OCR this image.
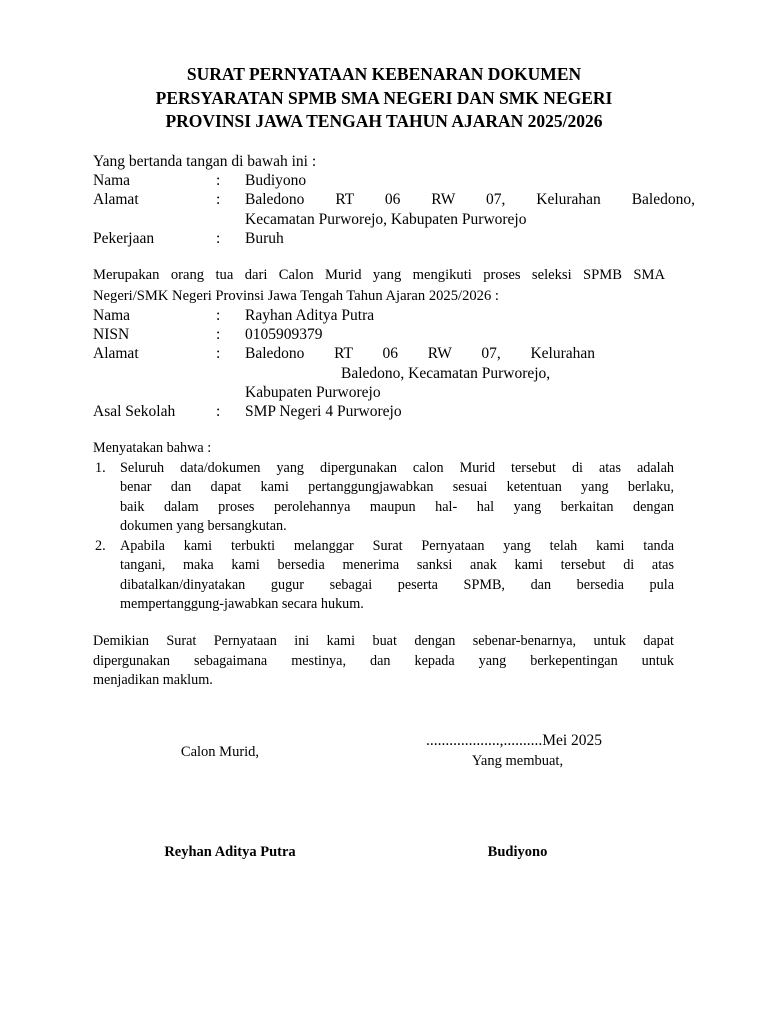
SURAT PERNYATAAN KEBENARAN DOKUMEN
PERSYARATAN SPMB SMA NEGERI DAN SMK NEGERI
PROVINSI JAWA TENGAH TAHUN AJARAN 2025/2026
Yang bertanda tangan di bawah ini :
Nama	: Budiyono
Alamat	: Baledono RT 06 RW 07, Kelurahan Baledono,
Kecamatan Purworejo, Kabupaten Purworejo
Pekerjaan	: Buruh
Merupakan orang tua dari Calon Murid yang mengikuti proses seleksi SPMB SMA
Negeri/SMK Negeri Provinsi Jawa Tengah Tahun Ajaran 2025/2026 :
Nama	: Rayhan Aditya Putra
NISN	: 0105909379
Alamat	: Baledono RT 06 RW 07, Kelurahan
Baledono, Kecamatan Purworejo,
Kabupaten Purworejo
Asal Sekolah	: SMP Negeri 4 Purworejo
Menyatakan bahwa :
1. Seluruh data/dokumen yang dipergunakan calon Murid tersebut di atas adalah
benar dan dapat kami pertanggungjawabkan sesuai ketentuan yang berlaku,
baik dalam proses perolehannya maupun hal- hal yang berkaitan dengan
dokumen yang bersangkutan.
2. Apabila kami terbukti melanggar Surat Pernyataan yang telah kami tanda
tangani, maka kami bersedia menerima sanksi anak kami tersebut di atas
dibatalkan/dinyatakan gugur sebagai peserta SPMB, dan bersedia pula
mempertanggung-jawabkan secara hukum.
Demikian Surat Pernyataan ini kami buat dengan sebenar-benarnya, untuk dapat
dipergunakan sebagaimana mestinya, dan kepada yang berkepentingan untuk
menjadikan maklum.
...................,..........Mei 2025
Calon Murid,
Yang membuat,
Reyhan Aditya Putra	Budiyono
